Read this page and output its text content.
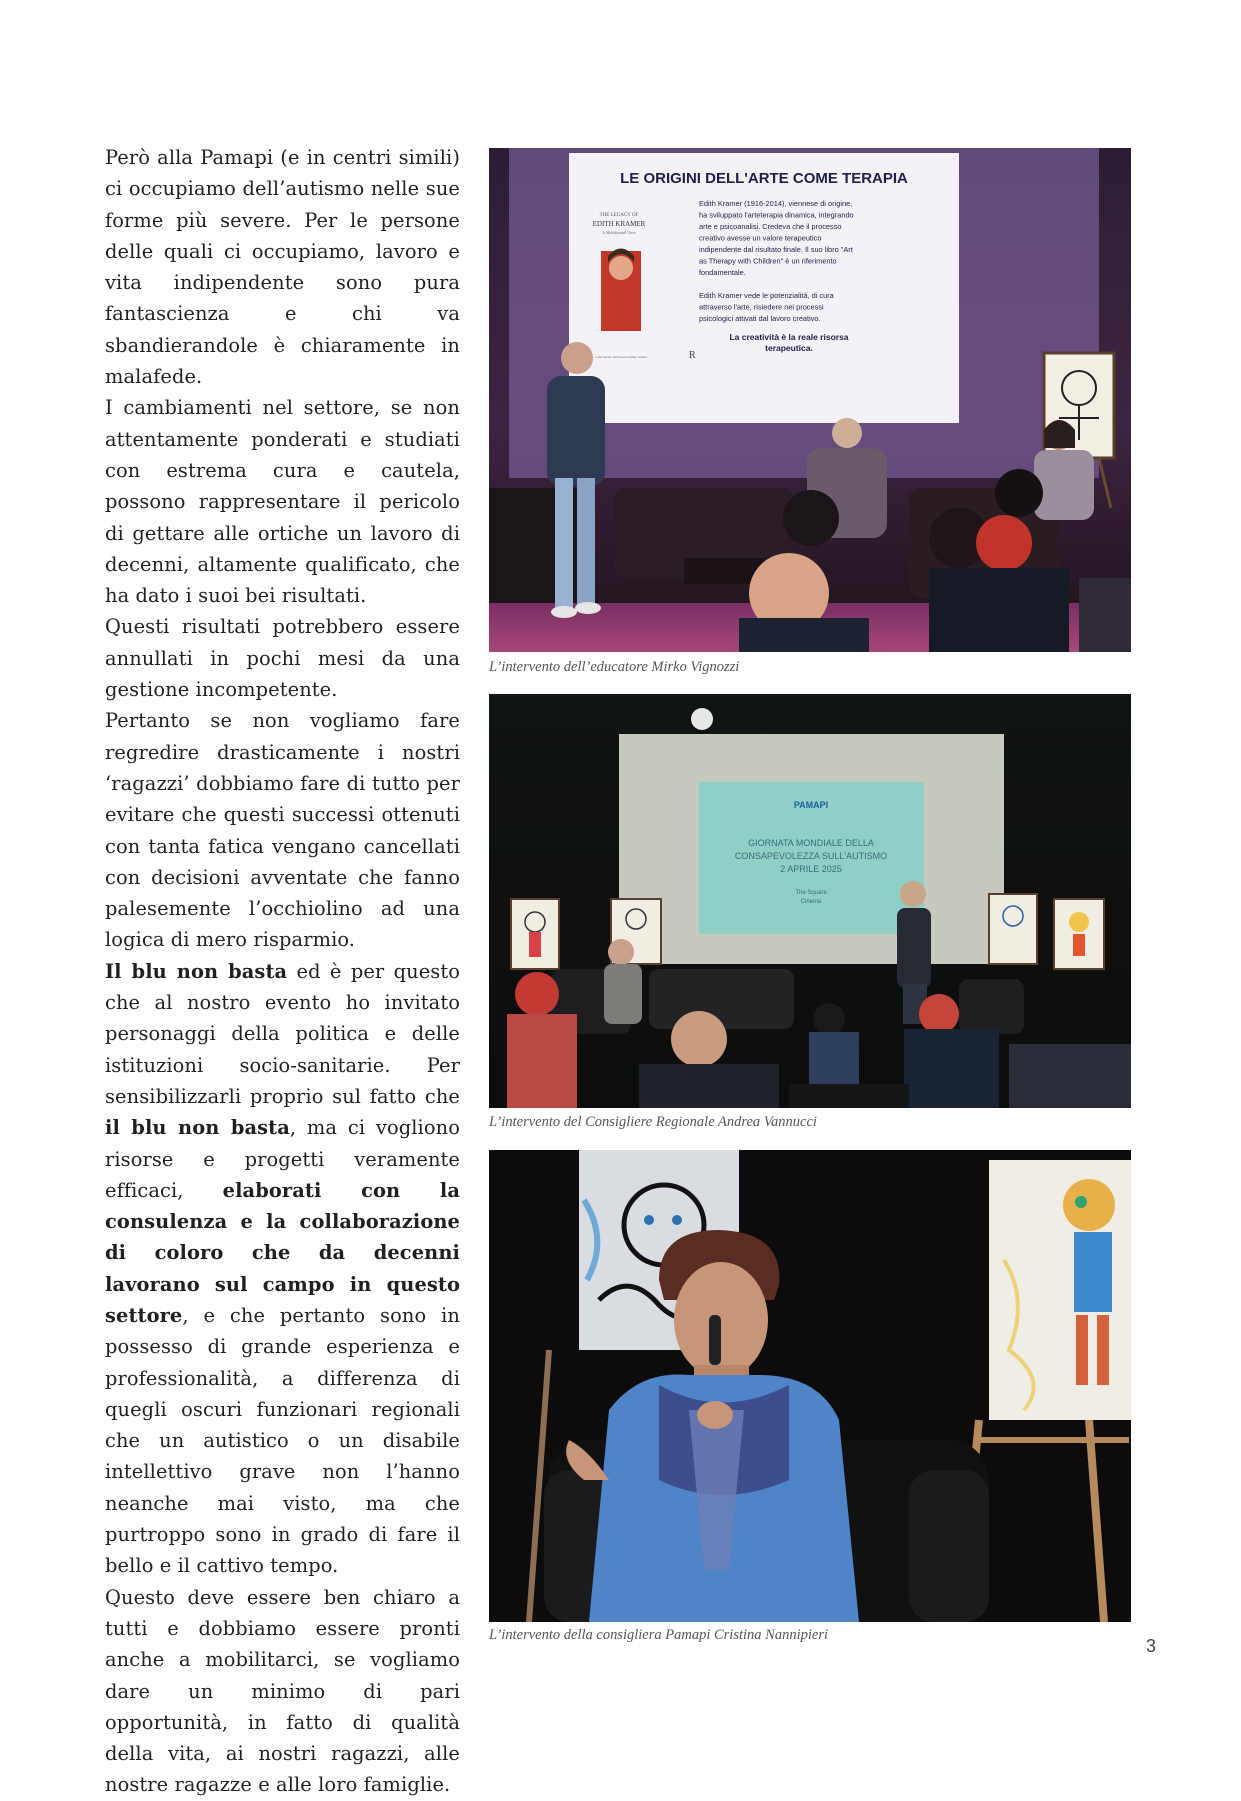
Però alla Pamapi (e in centri simili) ci occupiamo dell’autismo nelle sue forme più severe. Per le persone delle quali ci occupiamo, lavoro e vita indipendente sono pura fantascienza e chi va sbandierandole è chiaramente in malafede.

I cambiamenti nel settore, se non attentamente ponderati e studiati con estrema cura e cautela, possono rappresentare il pericolo di gettare alle ortiche un lavoro di decenni, altamente qualificato, che ha dato i suoi bei risultati.

Questi risultati potrebbero essere annullati in pochi mesi da una gestione incompetente.

Pertanto se non vogliamo fare regredire drasticamente i nostri ‘ragazzi’ dobbiamo fare di tutto per evitare che questi successi ottenuti con tanta fatica vengano cancellati con decisioni avventate che fanno palesemente l’occhiolino ad una logica di mero risparmio.

Il blu non basta ed è per questo che al nostro evento ho invitato personaggi della politica e delle istituzioni socio-sanitarie. Per sensibilizzarli proprio sul fatto che il blu non basta, ma ci vogliono risorse e progetti veramente efficaci, elaborati con la consulenza e la collaborazione di coloro che da decenni lavorano sul campo in questo settore, e che pertanto sono in possesso di grande esperienza e professionalità, a differenza di quegli oscuri funzionari regionali che un autistico o un disabile intellettivo grave non l’hanno neanche mai visto, ma che purtroppo sono in grado di fare il bello e il cattivo tempo.

Questo deve essere ben chiaro a tutti e dobbiamo essere pronti anche a mobilitarci, se vogliamo dare un minimo di pari opportunità, in fatto di qualità della vita, ai nostri ragazzi, alle nostre ragazze e alle loro famiglie.

LE ORIGINI DELL'ARTE COME TERAPIA
THE LEGACY OF
EDITH KRAMER
A Multifaceted View
Lani Gerity and Susan Ainlay Anand	R
Edith Kramer (1916-2014), viennese di origine,
ha sviluppato l'arteterapia dinamica, integrando
arte e psicoanalisi. Credeva che il processo
creativo avesse un valore terapeutico
indipendente dal risultato finale. Il suo libro "Art
as Therapy with Children" è un riferimento
fondamentale.
Edith Kramer vede le potenzialità, di cura
attraverso l'arte, risiedere nei processi
psicologici attivati dal lavoro creativo.
La creatività è la reale risorsa
terapeutica.
L’intervento dell’educatore Mirko Vignozzi
PAMAPI
GIORNATA MONDIALE DELLA
CONSAPEVOLEZZA SULL'AUTISMO
2 APRILE 2025
The Square
Cinema
L’intervento del Consigliere Regionale Andrea Vannucci
L’intervento della consigliera Pamapi Cristina Nannipieri
3
